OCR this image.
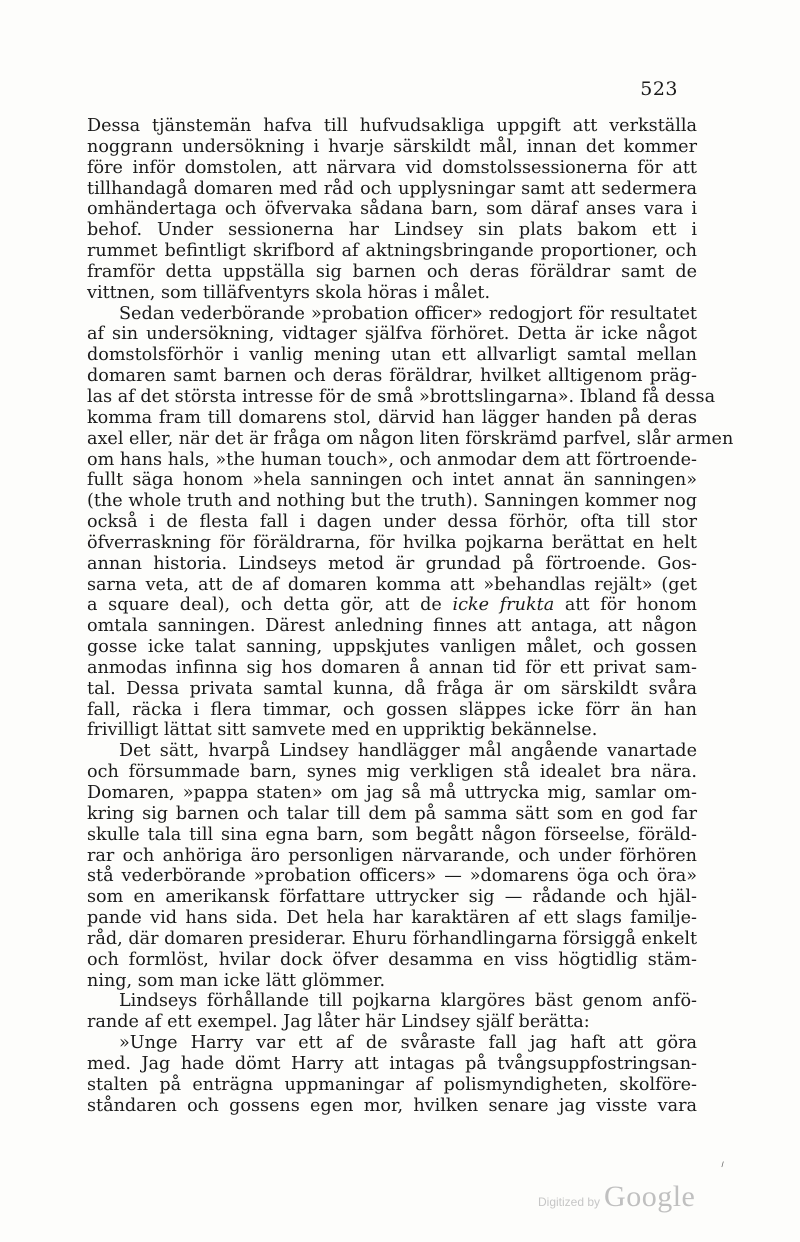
523

Dessa tjänstemän hafva till hufvudsakliga uppgift att verkställa
noggrann undersökning i hvarje särskildt mål, innan det kommer
före inför domstolen, att närvara vid domstolssessionerna för att
tillhandagå domaren med råd och upplysningar samt att sedermera
omhändertaga och öfvervaka sådana barn, som däraf anses vara i
behof. Under sessionerna har Lindsey sin plats bakom ett i
rummet befintligt skrifbord af aktningsbringande proportioner, och
framför detta uppställa sig barnen och deras föräldrar samt de
vittnen, som tilläfventyrs skola höras i målet.

Sedan vederbörande »probation officer» redogjort för resultatet
af sin undersökning, vidtager själfva förhöret. Detta är icke något
domstolsförhör i vanlig mening utan ett allvarligt samtal mellan
domaren samt barnen och deras föräldrar, hvilket alltigenom präg-
las af det största intresse för de små »brottslingarna». Ibland få dessa
komma fram till domarens stol, därvid han lägger handen på deras
axel eller, när det är fråga om någon liten förskrämd parfvel, slår armen
om hans hals, »the human touch», och anmodar dem att förtroende-
fullt säga honom »hela sanningen och intet annat än sanningen»
(the whole truth and nothing but the truth). Sanningen kommer nog
också i de flesta fall i dagen under dessa förhör, ofta till stor
öfverraskning för föräldrarna, för hvilka pojkarna berättat en helt
annan historia. Lindseys metod är grundad på förtroende. Gos-
sarna veta, att de af domaren komma att »behandlas rejält» (get
a square deal), och detta gör, att de icke frukta att för honom
omtala sanningen. Därest anledning finnes att antaga, att någon
gosse icke talat sanning, uppskjutes vanligen målet, och gossen
anmodas infinna sig hos domaren å annan tid för ett privat sam-
tal. Dessa privata samtal kunna, då fråga är om särskildt svåra
fall, räcka i flera timmar, och gossen släppes icke förr än han
frivilligt lättat sitt samvete med en uppriktig bekännelse.

Det sätt, hvarpå Lindsey handlägger mål angående vanartade
och försummade barn, synes mig verkligen stå idealet bra nära.
Domaren, »pappa staten» om jag så må uttrycka mig, samlar om-
kring sig barnen och talar till dem på samma sätt som en god far
skulle tala till sina egna barn, som begått någon förseelse, föräld-
rar och anhöriga äro personligen närvarande, och under förhören
stå vederbörande »probation officers» — »domarens öga och öra»
som en amerikansk författare uttrycker sig — rådande och hjäl-
pande vid hans sida. Det hela har karaktären af ett slags familje-
råd, där domaren presiderar. Ehuru förhandlingarna försiggå enkelt
och formlöst, hvilar dock öfver desamma en viss högtidlig stäm-
ning, som man icke lätt glömmer.

Lindseys förhållande till pojkarna klargöres bäst genom anfö-
rande af ett exempel. Jag låter här Lindsey själf berätta:

»Unge Harry var ett af de svåraste fall jag haft att göra
med. Jag hade dömt Harry att intagas på tvångsuppfostringsan-
stalten på enträgna uppmaningar af polismyndigheten, skolföre-
ståndaren och gossens egen mor, hvilken senare jag visste vara

⸝
Digitized by Google
